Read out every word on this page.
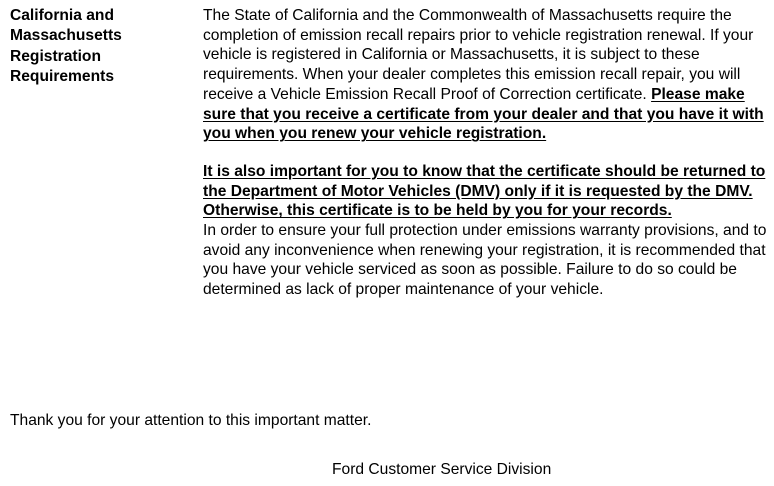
California and
Massachusetts
Registration
Requirements

The State of California and the Commonwealth of Massachusetts require the completion of emission recall repairs prior to vehicle registration renewal. If your vehicle is registered in California or Massachusetts, it is subject to these requirements. When your dealer completes this emission recall repair, you will receive a Vehicle Emission Recall Proof of Correction certificate. Please make sure that you receive a certificate from your dealer and that you have it with you when you renew your vehicle registration.

It is also important for you to know that the certificate should be returned to the Department of Motor Vehicles (DMV) only if it is requested by the DMV. Otherwise, this certificate is to be held by you for your records.

In order to ensure your full protection under emissions warranty provisions, and to avoid any inconvenience when renewing your registration, it is recommended that you have your vehicle serviced as soon as possible. Failure to do so could be determined as lack of proper maintenance of your vehicle.

Thank you for your attention to this important matter.

Ford Customer Service Division
